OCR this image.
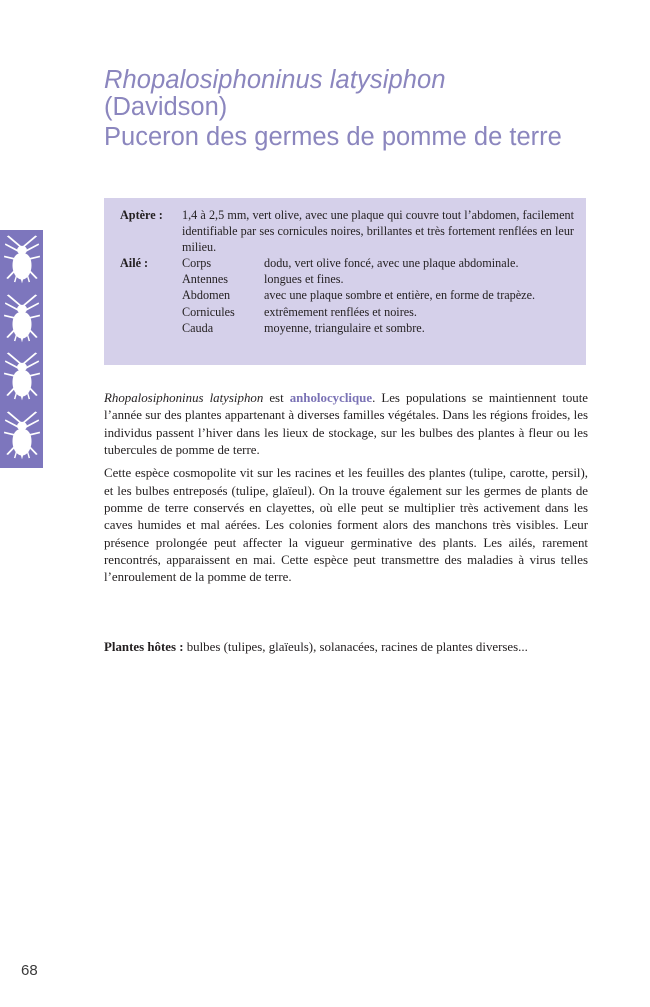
Rhopalosiphoninus latysiphon
(Davidson)
Puceron des germes de pomme de terre
Aptère :	1,4 à 2,5 mm, vert olive, avec une plaque qui couvre tout l’abdomen, facilement identifiable par ses cornicules noires, brillantes et très fortement renflées en leur milieu.
Ailé :	Corps	dodu, vert olive foncé, avec une plaque abdominale.
Antennes	longues et fines.
Abdomen	avec une plaque sombre et entière, en forme de trapèze.
Cornicules	extrêmement renflées et noires.
Cauda	moyenne, triangulaire et sombre.

Rhopalosiphoninus latysiphon est anholocyclique. Les populations se maintiennent toute l’année sur des plantes appartenant à diverses familles végétales. Dans les régions froides, les individus passent l’hiver dans les lieux de stockage, sur les bulbes des plantes à fleur ou les tubercules de pomme de terre.

Cette espèce cosmopolite vit sur les racines et les feuilles des plantes (tulipe, carotte, persil), et les bulbes entreposés (tulipe, glaïeul). On la trouve également sur les germes de plants de pomme de terre conservés en clayettes, où elle peut se multiplier très activement dans les caves humides et mal aérées. Les colonies forment alors des manchons très visibles. Leur présence prolongée peut affecter la vigueur germinative des plants. Les ailés, rarement rencontrés, apparaissent en mai. Cette espèce peut transmettre des maladies à virus telles l’enroulement de la pomme de terre.

Plantes hôtes : bulbes (tulipes, glaïeuls), solanacées, racines de plantes diverses...
68
